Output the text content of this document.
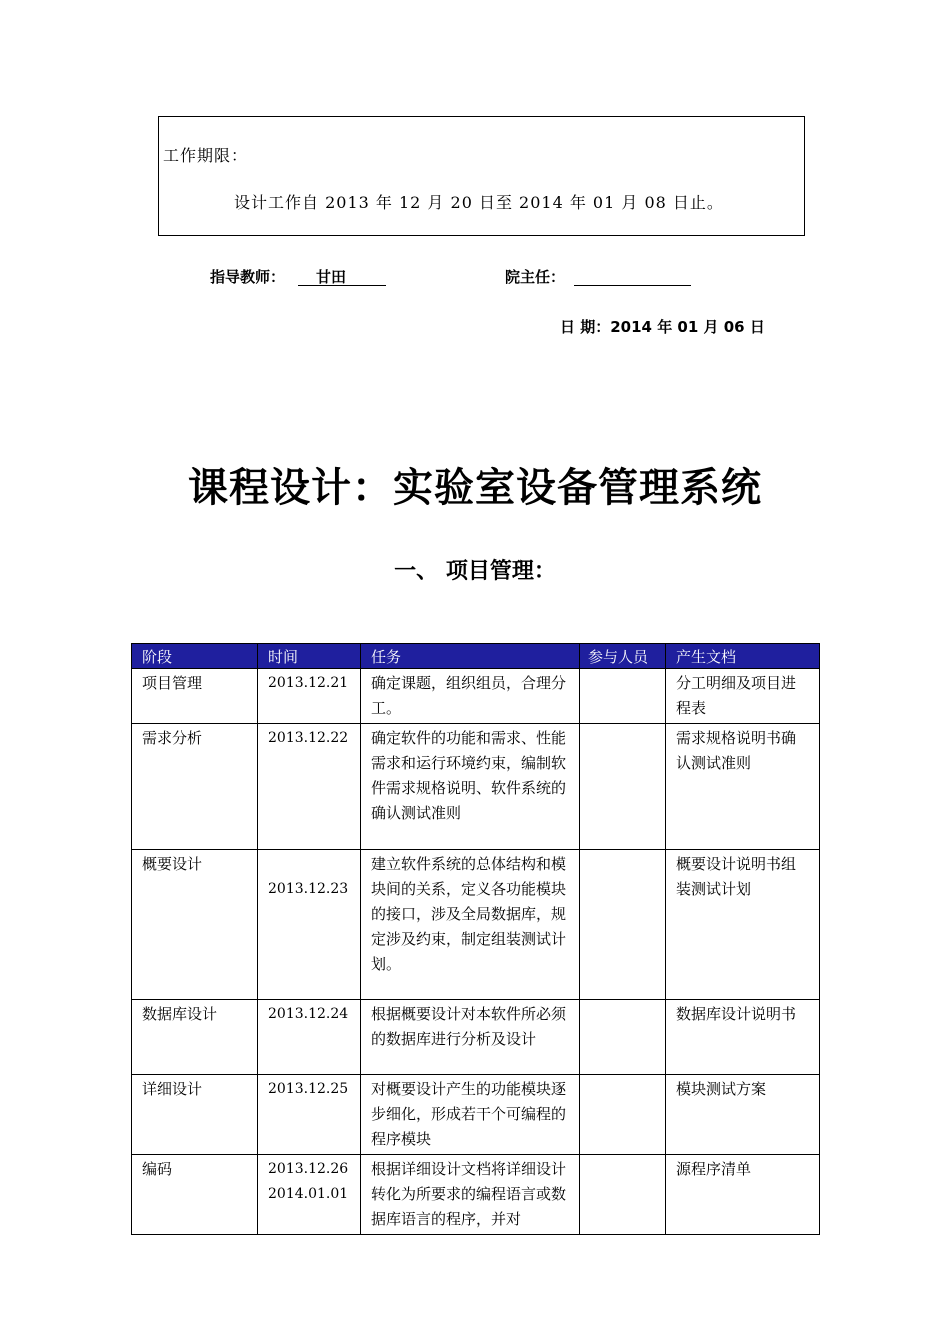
工作期限：
设计工作自 2013 年 12 月 20 日至 2014 年 01 月 08 日止。
指导教师：	甘田	院主任：
日 期：2014 年 01 月 06 日
课程设计：实验室设备管理系统
一、 项目管理：
阶段	时间	任务	参与人员	产生文档
项目管理	2013.12.21	确定课题，组织组员，合理分工。		分工明细及项目进程表
需求分析	2013.12.22	确定软件的功能和需求、性能需求和运行环境约束，编制软件需求规格说明、软件系统的确认测试准则		需求规格说明书确认测试准则
概要设计	2013.12.23	建立软件系统的总体结构和模块间的关系，定义各功能模块的接口，涉及全局数据库，规定涉及约束，制定组装测试计划。		概要设计说明书组装测试计划
数据库设计	2013.12.24	根据概要设计对本软件所必须的数据库进行分析及设计		数据库设计说明书
详细设计	2013.12.25	对概要设计产生的功能模块逐步细化，形成若干个可编程的程序模块		模块测试方案
编码	2013.12.26 2014.01.01	根据详细设计文档将详细设计转化为所要求的编程语言或数据库语言的程序，并对		源程序清单
